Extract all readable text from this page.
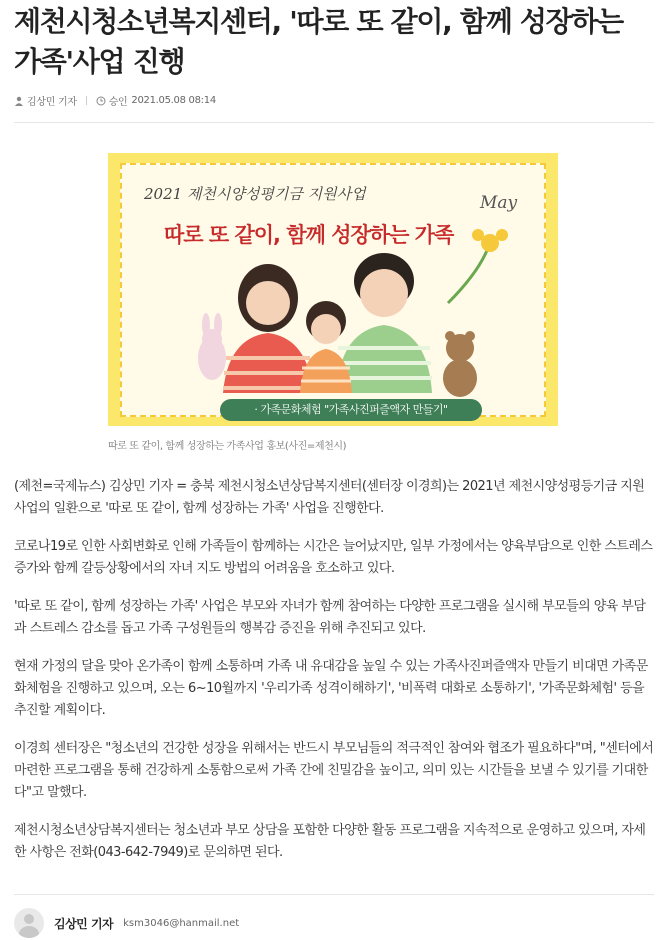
제천시청소년복지센터, '따로 또 같이, 함께 성장하는 가족'사업 진행
김상민 기자	승인 2021.05.08 08:14
2021 제천시양성평기금 지원사업	May
따로 또 같이, 함께 성장하는 가족
· 가족문화체험 "가족사진퍼즐액자 만들기"
따로 또 같이, 함께 성장하는 가족사업 홍보(사진=제천시)

(제천=국제뉴스) 김상민 기자 = 충북 제천시청소년상담복지센터(센터장 이경희)는 2021년 제천시양성평등기금 지원사업의 일환으로 '따로 또 같이, 함께 성장하는 가족' 사업을 진행한다.

코로나19로 인한 사회변화로 인해 가족들이 함께하는 시간은 늘어났지만, 일부 가정에서는 양육부담으로 인한 스트레스 증가와 함께 갈등상황에서의 자녀 지도 방법의 어려움을 호소하고 있다.

'따로 또 같이, 함께 성장하는 가족' 사업은 부모와 자녀가 함께 참여하는 다양한 프로그램을 실시해 부모들의 양육 부담과 스트레스 감소를 돕고 가족 구성원들의 행복감 증진을 위해 추진되고 있다.

현재 가정의 달을 맞아 온가족이 함께 소통하며 가족 내 유대감을 높일 수 있는 가족사진퍼즐액자 만들기 비대면 가족문화체험을 진행하고 있으며, 오는 6~10월까지 '우리가족 성격이해하기', '비폭력 대화로 소통하기', '가족문화체험' 등을 추진할 계획이다.

이경희 센터장은 "청소년의 건강한 성장을 위해서는 반드시 부모님들의 적극적인 참여와 협조가 필요하다"며, "센터에서 마련한 프로그램을 통해 건강하게 소통함으로써 가족 간에 친밀감을 높이고, 의미 있는 시간들을 보낼 수 있기를 기대한다"고 말했다.

제천시청소년상담복지센터는 청소년과 부모 상담을 포함한 다양한 활동 프로그램을 지속적으로 운영하고 있으며, 자세한 사항은 전화(043-642-7949)로 문의하면 된다.

김상민 기자 ksm3046@hanmail.net
